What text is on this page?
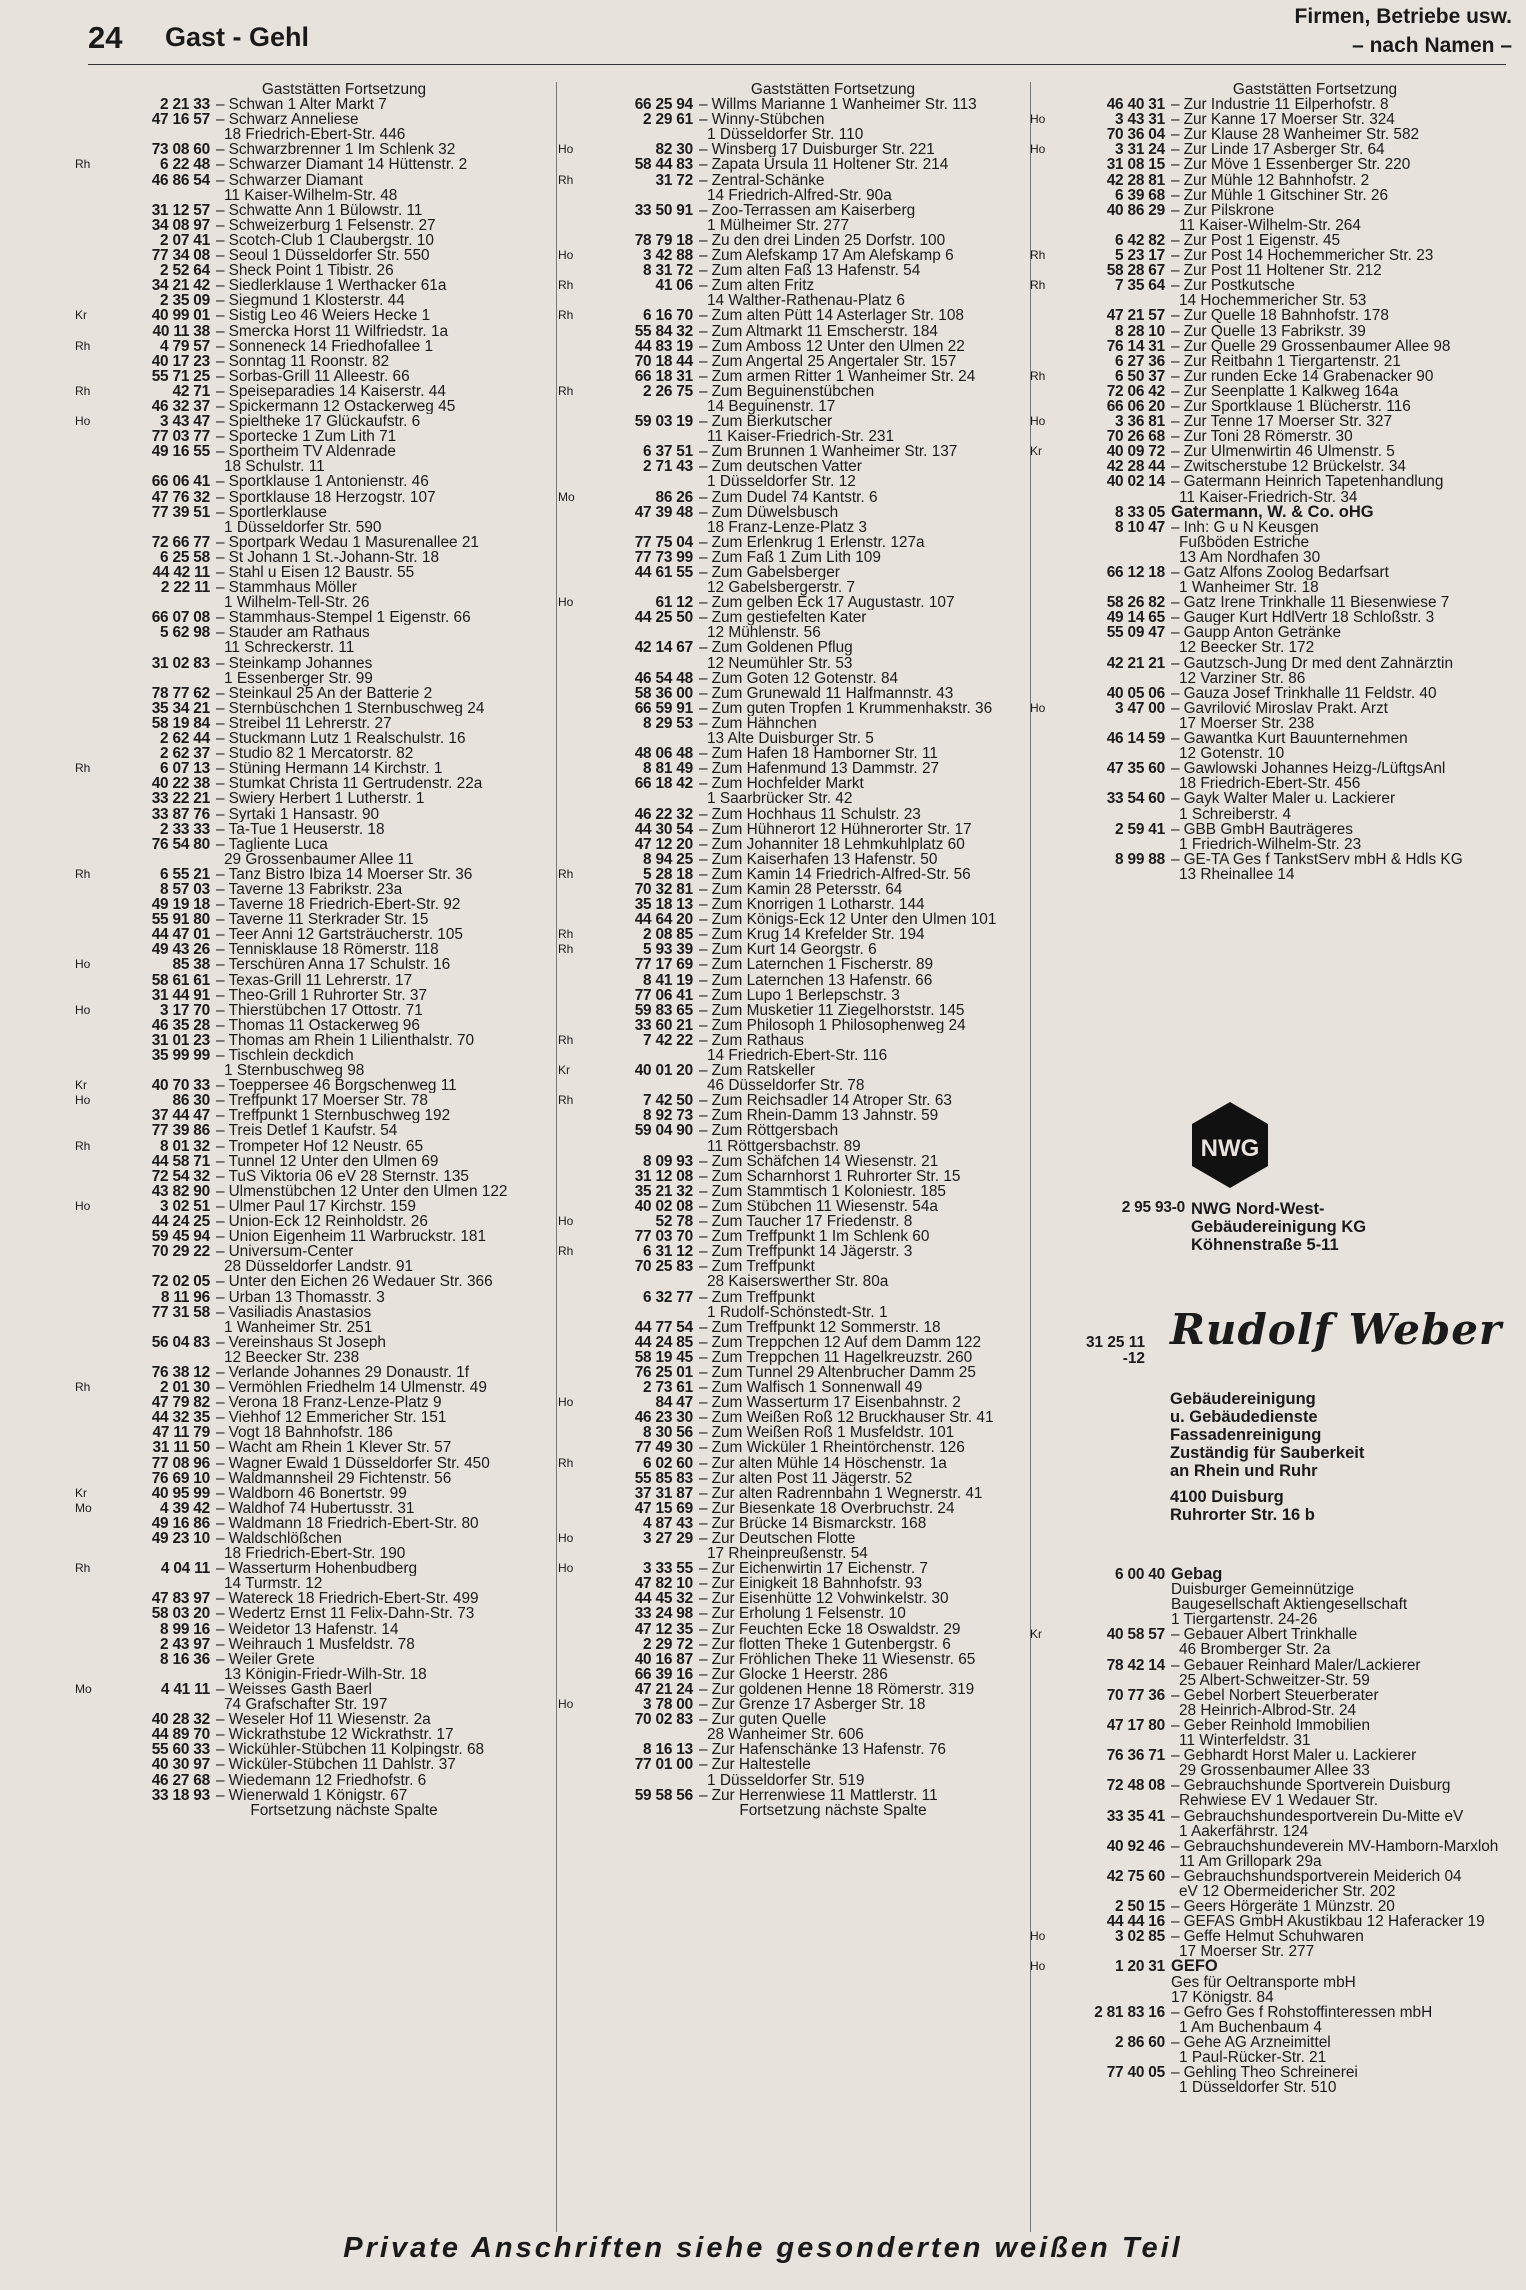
24 Gast - Gehl
Firmen, Betriebe usw.
– nach Namen –
Gaststätten Fortsetzung
2 21 33 – Schwan 1 Alter Markt 7
47 16 57 – Schwarz Anneliese
18 Friedrich-Ebert-Str. 446
73 08 60 – Schwarzbrenner 1 Im Schlenk 32
Rh	6 22 48 – Schwarzer Diamant 14 Hüttenstr. 2
46 86 54 – Schwarzer Diamant
11 Kaiser-Wilhelm-Str. 48
31 12 57 – Schwatte Ann 1 Bülowstr. 11
34 08 97 – Schweizerburg 1 Felsenstr. 27
2 07 41 – Scotch-Club 1 Claubergstr. 10
77 34 08 – Seoul 1 Düsseldorfer Str. 550
2 52 64 – Sheck Point 1 Tibistr. 26
34 21 42 – Siedlerklause 1 Werthacker 61a
2 35 09 – Siegmund 1 Klosterstr. 44
Kr	40 99 01 – Sistig Leo 46 Weiers Hecke 1
40 11 38 – Smercka Horst 11 Wilfriedstr. 1a
Rh	4 79 57 – Sonneneck 14 Friedhofallee 1
40 17 23 – Sonntag 11 Roonstr. 82
55 71 25 – Sorbas-Grill 11 Alleestr. 66
Rh	42 71 – Speiseparadies 14 Kaiserstr. 44
46 32 37 – Spickermann 12 Ostackerweg 45
Ho	3 43 47 – Spieltheke 17 Glückaufstr. 6
77 03 77 – Sportecke 1 Zum Lith 71
49 16 55 – Sportheim TV Aldenrade
18 Schulstr. 11
66 06 41 – Sportklause 1 Antonienstr. 46
47 76 32 – Sportklause 18 Herzogstr. 107
77 39 51 – Sportlerklause
1 Düsseldorfer Str. 590
72 66 77 – Sportpark Wedau 1 Masurenallee 21
6 25 58 – St Johann 1 St.-Johann-Str. 18
44 42 11 – Stahl u Eisen 12 Baustr. 55
2 22 11 – Stammhaus Möller
1 Wilhelm-Tell-Str. 26
66 07 08 – Stammhaus-Stempel 1 Eigenstr. 66
5 62 98 – Stauder am Rathaus
11 Schreckerstr. 11
31 02 83 – Steinkamp Johannes
1 Essenberger Str. 99
78 77 62 – Steinkaul 25 An der Batterie 2
35 34 21 – Sternbüschchen 1 Sternbuschweg 24
58 19 84 – Streibel 11 Lehrerstr. 27
2 62 44 – Stuckmann Lutz 1 Realschulstr. 16
2 62 37 – Studio 82 1 Mercatorstr. 82
Rh	6 07 13 – Stüning Hermann 14 Kirchstr. 1
40 22 38 – Stumkat Christa 11 Gertrudenstr. 22a
33 22 21 – Swiery Herbert 1 Lutherstr. 1
33 87 76 – Syrtaki 1 Hansastr. 90
2 33 33 – Ta-Tue 1 Heuserstr. 18
76 54 80 – Tagliente Luca
29 Grossenbaumer Allee 11
Rh	6 55 21 – Tanz Bistro Ibiza 14 Moerser Str. 36
8 57 03 – Taverne 13 Fabrikstr. 23a
49 19 18 – Taverne 18 Friedrich-Ebert-Str. 92
55 91 80 – Taverne 11 Sterkrader Str. 15
44 47 01 – Teer Anni 12 Gartsträucherstr. 105
49 43 26 – Tennisklause 18 Römerstr. 118
Ho	85 38 – Terschüren Anna 17 Schulstr. 16
58 61 61 – Texas-Grill 11 Lehrerstr. 17
31 44 91 – Theo-Grill 1 Ruhrorter Str. 37
Ho	3 17 70 – Thierstübchen 17 Ottostr. 71
46 35 28 – Thomas 11 Ostackerweg 96
31 01 23 – Thomas am Rhein 1 Lilienthalstr. 70
35 99 99 – Tischlein deckdich
1 Sternbuschweg 98
Kr	40 70 33 – Toeppersee 46 Borgschenweg 11
Ho	86 30 – Treffpunkt 17 Moerser Str. 78
37 44 47 – Treffpunkt 1 Sternbuschweg 192
77 39 86 – Treis Detlef 1 Kaufstr. 54
Rh	8 01 32 – Trompeter Hof 12 Neustr. 65
44 58 71 – Tunnel 12 Unter den Ulmen 69
72 54 32 – TuS Viktoria 06 eV 28 Sternstr. 135
43 82 90 – Ulmenstübchen 12 Unter den Ulmen 122
Ho	3 02 51 – Ulmer Paul 17 Kirchstr. 159
44 24 25 – Union-Eck 12 Reinholdstr. 26
59 45 94 – Union Eigenheim 11 Warbruckstr. 181
70 29 22 – Universum-Center
28 Düsseldorfer Landstr. 91
72 02 05 – Unter den Eichen 26 Wedauer Str. 366
8 11 96 – Urban 13 Thomasstr. 3
77 31 58 – Vasiliadis Anastasios
1 Wanheimer Str. 251
56 04 83 – Vereinshaus St Joseph
12 Beecker Str. 238
76 38 12 – Verlande Johannes 29 Donaustr. 1f
Rh	2 01 30 – Vermöhlen Friedhelm 14 Ulmenstr. 49
47 79 82 – Verona 18 Franz-Lenze-Platz 9
44 32 35 – Viehhof 12 Emmericher Str. 151
47 11 79 – Vogt 18 Bahnhofstr. 186
31 11 50 – Wacht am Rhein 1 Klever Str. 57
77 08 96 – Wagner Ewald 1 Düsseldorfer Str. 450
76 69 10 – Waldmannsheil 29 Fichtenstr. 56
Kr	40 95 99 – Waldborn 46 Bonertstr. 99
Mo	4 39 42 – Waldhof 74 Hubertusstr. 31
49 16 86 – Waldmann 18 Friedrich-Ebert-Str. 80
49 23 10 – Waldschlößchen
18 Friedrich-Ebert-Str. 190
Rh	4 04 11 – Wasserturm Hohenbudberg
14 Turmstr. 12
47 83 97 – Watereck 18 Friedrich-Ebert-Str. 499
58 03 20 – Wedertz Ernst 11 Felix-Dahn-Str. 73
8 99 16 – Weidetor 13 Hafenstr. 14
2 43 97 – Weihrauch 1 Musfeldstr. 78
8 16 36 – Weiler Grete
13 Königin-Friedr-Wilh-Str. 18
Mo	4 41 11 – Weisses Gasth Baerl
74 Grafschafter Str. 197
40 28 32 – Weseler Hof 11 Wiesenstr. 2a
44 89 70 – Wickrathstube 12 Wickrathstr. 17
55 60 33 – Wickühler-Stübchen 11 Kolpingstr. 68
40 30 97 – Wicküler-Stübchen 11 Dahlstr. 37
46 27 68 – Wiedemann 12 Friedhofstr. 6
33 18 93 – Wienerwald 1 Königstr. 67
Fortsetzung nächste Spalte
Gaststätten Fortsetzung
66 25 94 – Willms Marianne 1 Wanheimer Str. 113
2 29 61 – Winny-Stübchen
1 Düsseldorfer Str. 110
Ho	82 30 – Winsberg 17 Duisburger Str. 221
58 44 83 – Zapata Ursula 11 Holtener Str. 214
Rh	31 72 – Zentral-Schänke
14 Friedrich-Alfred-Str. 90a
33 50 91 – Zoo-Terrassen am Kaiserberg
1 Mülheimer Str. 277
78 79 18 – Zu den drei Linden 25 Dorfstr. 100
Ho	3 42 88 – Zum Alefskamp 17 Am Alefskamp 6
8 31 72 – Zum alten Faß 13 Hafenstr. 54
Rh	41 06 – Zum alten Fritz
14 Walther-Rathenau-Platz 6
Rh	6 16 70 – Zum alten Pütt 14 Asterlager Str. 108
55 84 32 – Zum Altmarkt 11 Emscherstr. 184
44 83 19 – Zum Amboss 12 Unter den Ulmen 22
70 18 44 – Zum Angertal 25 Angertaler Str. 157
66 18 31 – Zum armen Ritter 1 Wanheimer Str. 24
Rh	2 26 75 – Zum Beguinenstübchen
14 Beguinenstr. 17
59 03 19 – Zum Bierkutscher
11 Kaiser-Friedrich-Str. 231
6 37 51 – Zum Brunnen 1 Wanheimer Str. 137
2 71 43 – Zum deutschen Vatter
1 Düsseldorfer Str. 12
Mo	86 26 – Zum Dudel 74 Kantstr. 6
47 39 48 – Zum Düwelsbusch
18 Franz-Lenze-Platz 3
77 75 04 – Zum Erlenkrug 1 Erlenstr. 127a
77 73 99 – Zum Faß 1 Zum Lith 109
44 61 55 – Zum Gabelsberger
12 Gabelsbergerstr. 7
Ho	61 12 – Zum gelben Eck 17 Augustastr. 107
44 25 50 – Zum gestiefelten Kater
12 Mühlenstr. 56
42 14 67 – Zum Goldenen Pflug
12 Neumühler Str. 53
46 54 48 – Zum Goten 12 Gotenstr. 84
58 36 00 – Zum Grunewald 11 Halfmannstr. 43
66 59 91 – Zum guten Tropfen 1 Krummenhakstr. 36
8 29 53 – Zum Hähnchen
13 Alte Duisburger Str. 5
48 06 48 – Zum Hafen 18 Hamborner Str. 11
8 81 49 – Zum Hafenmund 13 Dammstr. 27
66 18 42 – Zum Hochfelder Markt
1 Saarbrücker Str. 42
46 22 32 – Zum Hochhaus 11 Schulstr. 23
44 30 54 – Zum Hühnerort 12 Hühnerorter Str. 17
47 12 20 – Zum Johanniter 18 Lehmkuhlplatz 60
8 94 25 – Zum Kaiserhafen 13 Hafenstr. 50
Rh	5 28 18 – Zum Kamin 14 Friedrich-Alfred-Str. 56
70 32 81 – Zum Kamin 28 Petersstr. 64
35 18 13 – Zum Knorrigen 1 Lotharstr. 144
44 64 20 – Zum Königs-Eck 12 Unter den Ulmen 101
Rh	2 08 85 – Zum Krug 14 Krefelder Str. 194
Rh	5 93 39 – Zum Kurt 14 Georgstr. 6
77 17 69 – Zum Laternchen 1 Fischerstr. 89
8 41 19 – Zum Laternchen 13 Hafenstr. 66
77 06 41 – Zum Lupo 1 Berlepschstr. 3
59 83 65 – Zum Musketier 11 Ziegelhorststr. 145
33 60 21 – Zum Philosoph 1 Philosophenweg 24
Rh	7 42 22 – Zum Rathaus
14 Friedrich-Ebert-Str. 116
Kr	40 01 20 – Zum Ratskeller
46 Düsseldorfer Str. 78
Rh	7 42 50 – Zum Reichsadler 14 Atroper Str. 63
8 92 73 – Zum Rhein-Damm 13 Jahnstr. 59
59 04 90 – Zum Röttgersbach
11 Röttgersbachstr. 89
8 09 93 – Zum Schäfchen 14 Wiesenstr. 21
31 12 08 – Zum Scharnhorst 1 Ruhrorter Str. 15
35 21 32 – Zum Stammtisch 1 Koloniestr. 185
40 02 08 – Zum Stübchen 11 Wiesenstr. 54a
Ho	52 78 – Zum Taucher 17 Friedenstr. 8
77 03 70 – Zum Treffpunkt 1 Im Schlenk 60
Rh	6 31 12 – Zum Treffpunkt 14 Jägerstr. 3
70 25 83 – Zum Treffpunkt
28 Kaiserswerther Str. 80a
6 32 77 – Zum Treffpunkt
1 Rudolf-Schönstedt-Str. 1
44 77 54 – Zum Treffpunkt 12 Sommerstr. 18
44 24 85 – Zum Treppchen 12 Auf dem Damm 122
58 19 45 – Zum Treppchen 11 Hagelkreuzstr. 260
76 25 01 – Zum Tunnel 29 Altenbrucher Damm 25
2 73 61 – Zum Walfisch 1 Sonnenwall 49
Ho	84 47 – Zum Wasserturm 17 Eisenbahnstr. 2
46 23 30 – Zum Weißen Roß 12 Bruckhauser Str. 41
8 30 56 – Zum Weißen Roß 1 Musfeldstr. 101
77 49 30 – Zum Wicküler 1 Rheintörchenstr. 126
Rh	6 02 60 – Zur alten Mühle 14 Höschenstr. 1a
55 85 83 – Zur alten Post 11 Jägerstr. 52
37 31 87 – Zur alten Radrennbahn 1 Wegnerstr. 41
47 15 69 – Zur Biesenkate 18 Overbruchstr. 24
4 87 43 – Zur Brücke 14 Bismarckstr. 168
Ho	3 27 29 – Zur Deutschen Flotte
17 Rheinpreußenstr. 54
Ho	3 33 55 – Zur Eichenwirtin 17 Eichenstr. 7
47 82 10 – Zur Einigkeit 18 Bahnhofstr. 93
44 45 32 – Zur Eisenhütte 12 Vohwinkelstr. 30
33 24 98 – Zur Erholung 1 Felsenstr. 10
47 12 35 – Zur Feuchten Ecke 18 Oswaldstr. 29
2 29 72 – Zur flotten Theke 1 Gutenbergstr. 6
40 16 87 – Zur Fröhlichen Theke 11 Wiesenstr. 65
66 39 16 – Zur Glocke 1 Heerstr. 286
47 21 24 – Zur goldenen Henne 18 Römerstr. 319
Ho	3 78 00 – Zur Grenze 17 Asberger Str. 18
70 02 83 – Zur guten Quelle
28 Wanheimer Str. 606
8 16 13 – Zur Hafenschänke 13 Hafenstr. 76
77 01 00 – Zur Haltestelle
1 Düsseldorfer Str. 519
59 58 56 – Zur Herrenwiese 11 Mattlerstr. 11
Fortsetzung nächste Spalte
Gaststätten Fortsetzung
46 40 31 – Zur Industrie 11 Eilperhofstr. 8
Ho	3 43 31 – Zur Kanne 17 Moerser Str. 324
70 36 04 – Zur Klause 28 Wanheimer Str. 582
Ho	3 31 24 – Zur Linde 17 Asberger Str. 64
31 08 15 – Zur Möve 1 Essenberger Str. 220
42 28 81 – Zur Mühle 12 Bahnhofstr. 2
6 39 68 – Zur Mühle 1 Gitschiner Str. 26
40 86 29 – Zur Pilskrone
11 Kaiser-Wilhelm-Str. 264
6 42 82 – Zur Post 1 Eigenstr. 45
Rh	5 23 17 – Zur Post 14 Hochemmericher Str. 23
58 28 67 – Zur Post 11 Holtener Str. 212
Rh	7 35 64 – Zur Postkutsche
14 Hochemmericher Str. 53
47 21 57 – Zur Quelle 18 Bahnhofstr. 178
8 28 10 – Zur Quelle 13 Fabrikstr. 39
76 14 31 – Zur Quelle 29 Grossenbaumer Allee 98
6 27 36 – Zur Reitbahn 1 Tiergartenstr. 21
Rh	6 50 37 – Zur runden Ecke 14 Grabenacker 90
72 06 42 – Zur Seenplatte 1 Kalkweg 164a
66 06 20 – Zur Sportklause 1 Blücherstr. 116
Ho	3 36 81 – Zur Tenne 17 Moerser Str. 327
70 26 68 – Zur Toni 28 Römerstr. 30
Kr	40 09 72 – Zur Ulmenwirtin 46 Ulmenstr. 5
42 28 44 – Zwitscherstube 12 Brückelstr. 34
40 02 14 – Gatermann Heinrich Tapetenhandlung
11 Kaiser-Friedrich-Str. 34
8 33 05 Gatermann, W. & Co. oHG
8 10 47 – Inh: G u N Keusgen
Fußböden Estriche
13 Am Nordhafen 30
66 12 18 – Gatz Alfons Zoolog Bedarfsart
1 Wanheimer Str. 18
58 26 82 – Gatz Irene Trinkhalle 11 Biesenwiese 7
49 14 65 – Gauger Kurt HdlVertr 18 Schloßstr. 3
55 09 47 – Gaupp Anton Getränke
12 Beecker Str. 172
42 21 21 – Gautzsch-Jung Dr med dent Zahnärztin
12 Varziner Str. 86
40 05 06 – Gauza Josef Trinkhalle 11 Feldstr. 40
Ho	3 47 00 – Gavrilović Miroslav Prakt. Arzt
17 Moerser Str. 238
46 14 59 – Gawantka Kurt Bauunternehmen
12 Gotenstr. 10
47 35 60 – Gawlowski Johannes Heizg-/LüftgsAnl
18 Friedrich-Ebert-Str. 456
33 54 60 – Gayk Walter Maler u. Lackierer
1 Schreiberstr. 4
2 59 41 – GBB GmbH Bauträgeres
1 Friedrich-Wilhelm-Str. 23
8 99 88 – GE-TA Ges f TankstServ mbH & Hdls KG
13 Rheinallee 14
NWG
2 95 93-0 NWG Nord-West-
Gebäudereinigung KG
Köhnenstraße 5-11
Rudolf Weber
31 25 11
-12
Gebäudereinigung
u. Gebäudedienste
Fassadenreinigung
Zuständig für Sauberkeit
an Rhein und Ruhr
4100 Duisburg
Ruhrorter Str. 16 b
6 00 40 Gebag
Duisburger Gemeinnützige
Baugesellschaft Aktiengesellschaft
1 Tiergartenstr. 24-26
Kr	40 58 57 – Gebauer Albert Trinkhalle
46 Bromberger Str. 2a
78 42 14 – Gebauer Reinhard Maler/Lackierer
25 Albert-Schweitzer-Str. 59
70 77 36 – Gebel Norbert Steuerberater
28 Heinrich-Albrod-Str. 24
47 17 80 – Geber Reinhold Immobilien
11 Winterfeldstr. 31
76 36 71 – Gebhardt Horst Maler u. Lackierer
29 Grossenbaumer Allee 33
72 48 08 – Gebrauchshunde Sportverein Duisburg
Rehwiese EV 1 Wedauer Str.
33 35 41 – Gebrauchshundesportverein Du-Mitte eV
1 Aakerfährstr. 124
40 92 46 – Gebrauchshundeverein MV-Hamborn-Marxloh
11 Am Grillopark 29a
42 75 60 – Gebrauchshundsportverein Meiderich 04
eV 12 Obermeidericher Str. 202
2 50 15 – Geers Hörgeräte 1 Münzstr. 20
44 44 16 – GEFAS GmbH Akustikbau 12 Haferacker 19
Ho	3 02 85 – Geffe Helmut Schuhwaren
17 Moerser Str. 277
Ho	1 20 31 GEFO
Ges für Oeltransporte mbH
17 Königstr. 84
2 81 83 16 – Gefro Ges f Rohstoffinteressen mbH
1 Am Buchenbaum 4
2 86 60 – Gehe AG Arzneimittel
1 Paul-Rücker-Str. 21
77 40 05 – Gehling Theo Schreinerei
1 Düsseldorfer Str. 510
Private Anschriften siehe gesonderten weißen Teil
